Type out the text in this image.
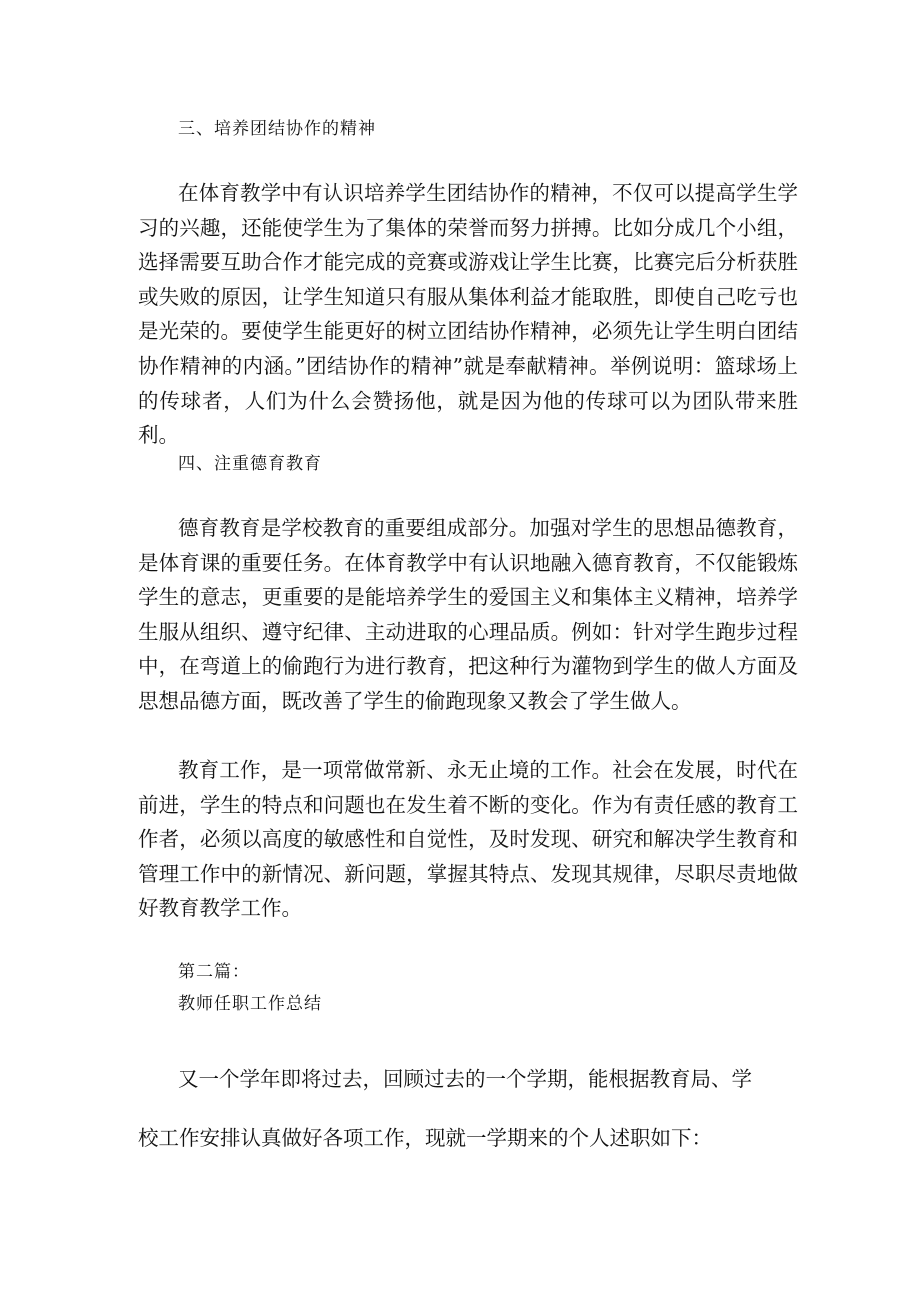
三、培养团结协作的精神

在体育教学中有认识培养学生团结协作的精神，不仅可以提高学生学习的兴趣，还能使学生为了集体的荣誉而努力拼搏。比如分成几个小组，选择需要互助合作才能完成的竞赛或游戏让学生比赛，比赛完后分析获胜或失败的原因，让学生知道只有服从集体利益才能取胜，即使自己吃亏也是光荣的。要使学生能更好的树立团结协作精神，必须先让学生明白团结协作精神的内涵。”团结协作的精神”就是奉献精神。举例说明：篮球场上的传球者，人们为什么会赞扬他，就是因为他的传球可以为团队带来胜利。

四、注重德育教育

德育教育是学校教育的重要组成部分。加强对学生的思想品德教育，是体育课的重要任务。在体育教学中有认识地融入德育教育，不仅能锻炼学生的意志，更重要的是能培养学生的爱国主义和集体主义精神，培养学生服从组织、遵守纪律、主动进取的心理品质。例如：针对学生跑步过程中，在弯道上的偷跑行为进行教育，把这种行为灌物到学生的做人方面及思想品德方面，既改善了学生的偷跑现象又教会了学生做人。

教育工作，是一项常做常新、永无止境的工作。社会在发展，时代在前进，学生的特点和问题也在发生着不断的变化。作为有责任感的教育工作者，必须以高度的敏感性和自觉性，及时发现、研究和解决学生教育和管理工作中的新情况、新问题，掌握其特点、发现其规律，尽职尽责地做好教育教学工作。

第二篇：
教师任职工作总结

又一个学年即将过去，回顾过去的一个学期，能根据教育局、学

校工作安排认真做好各项工作，现就一学期来的个人述职如下：
